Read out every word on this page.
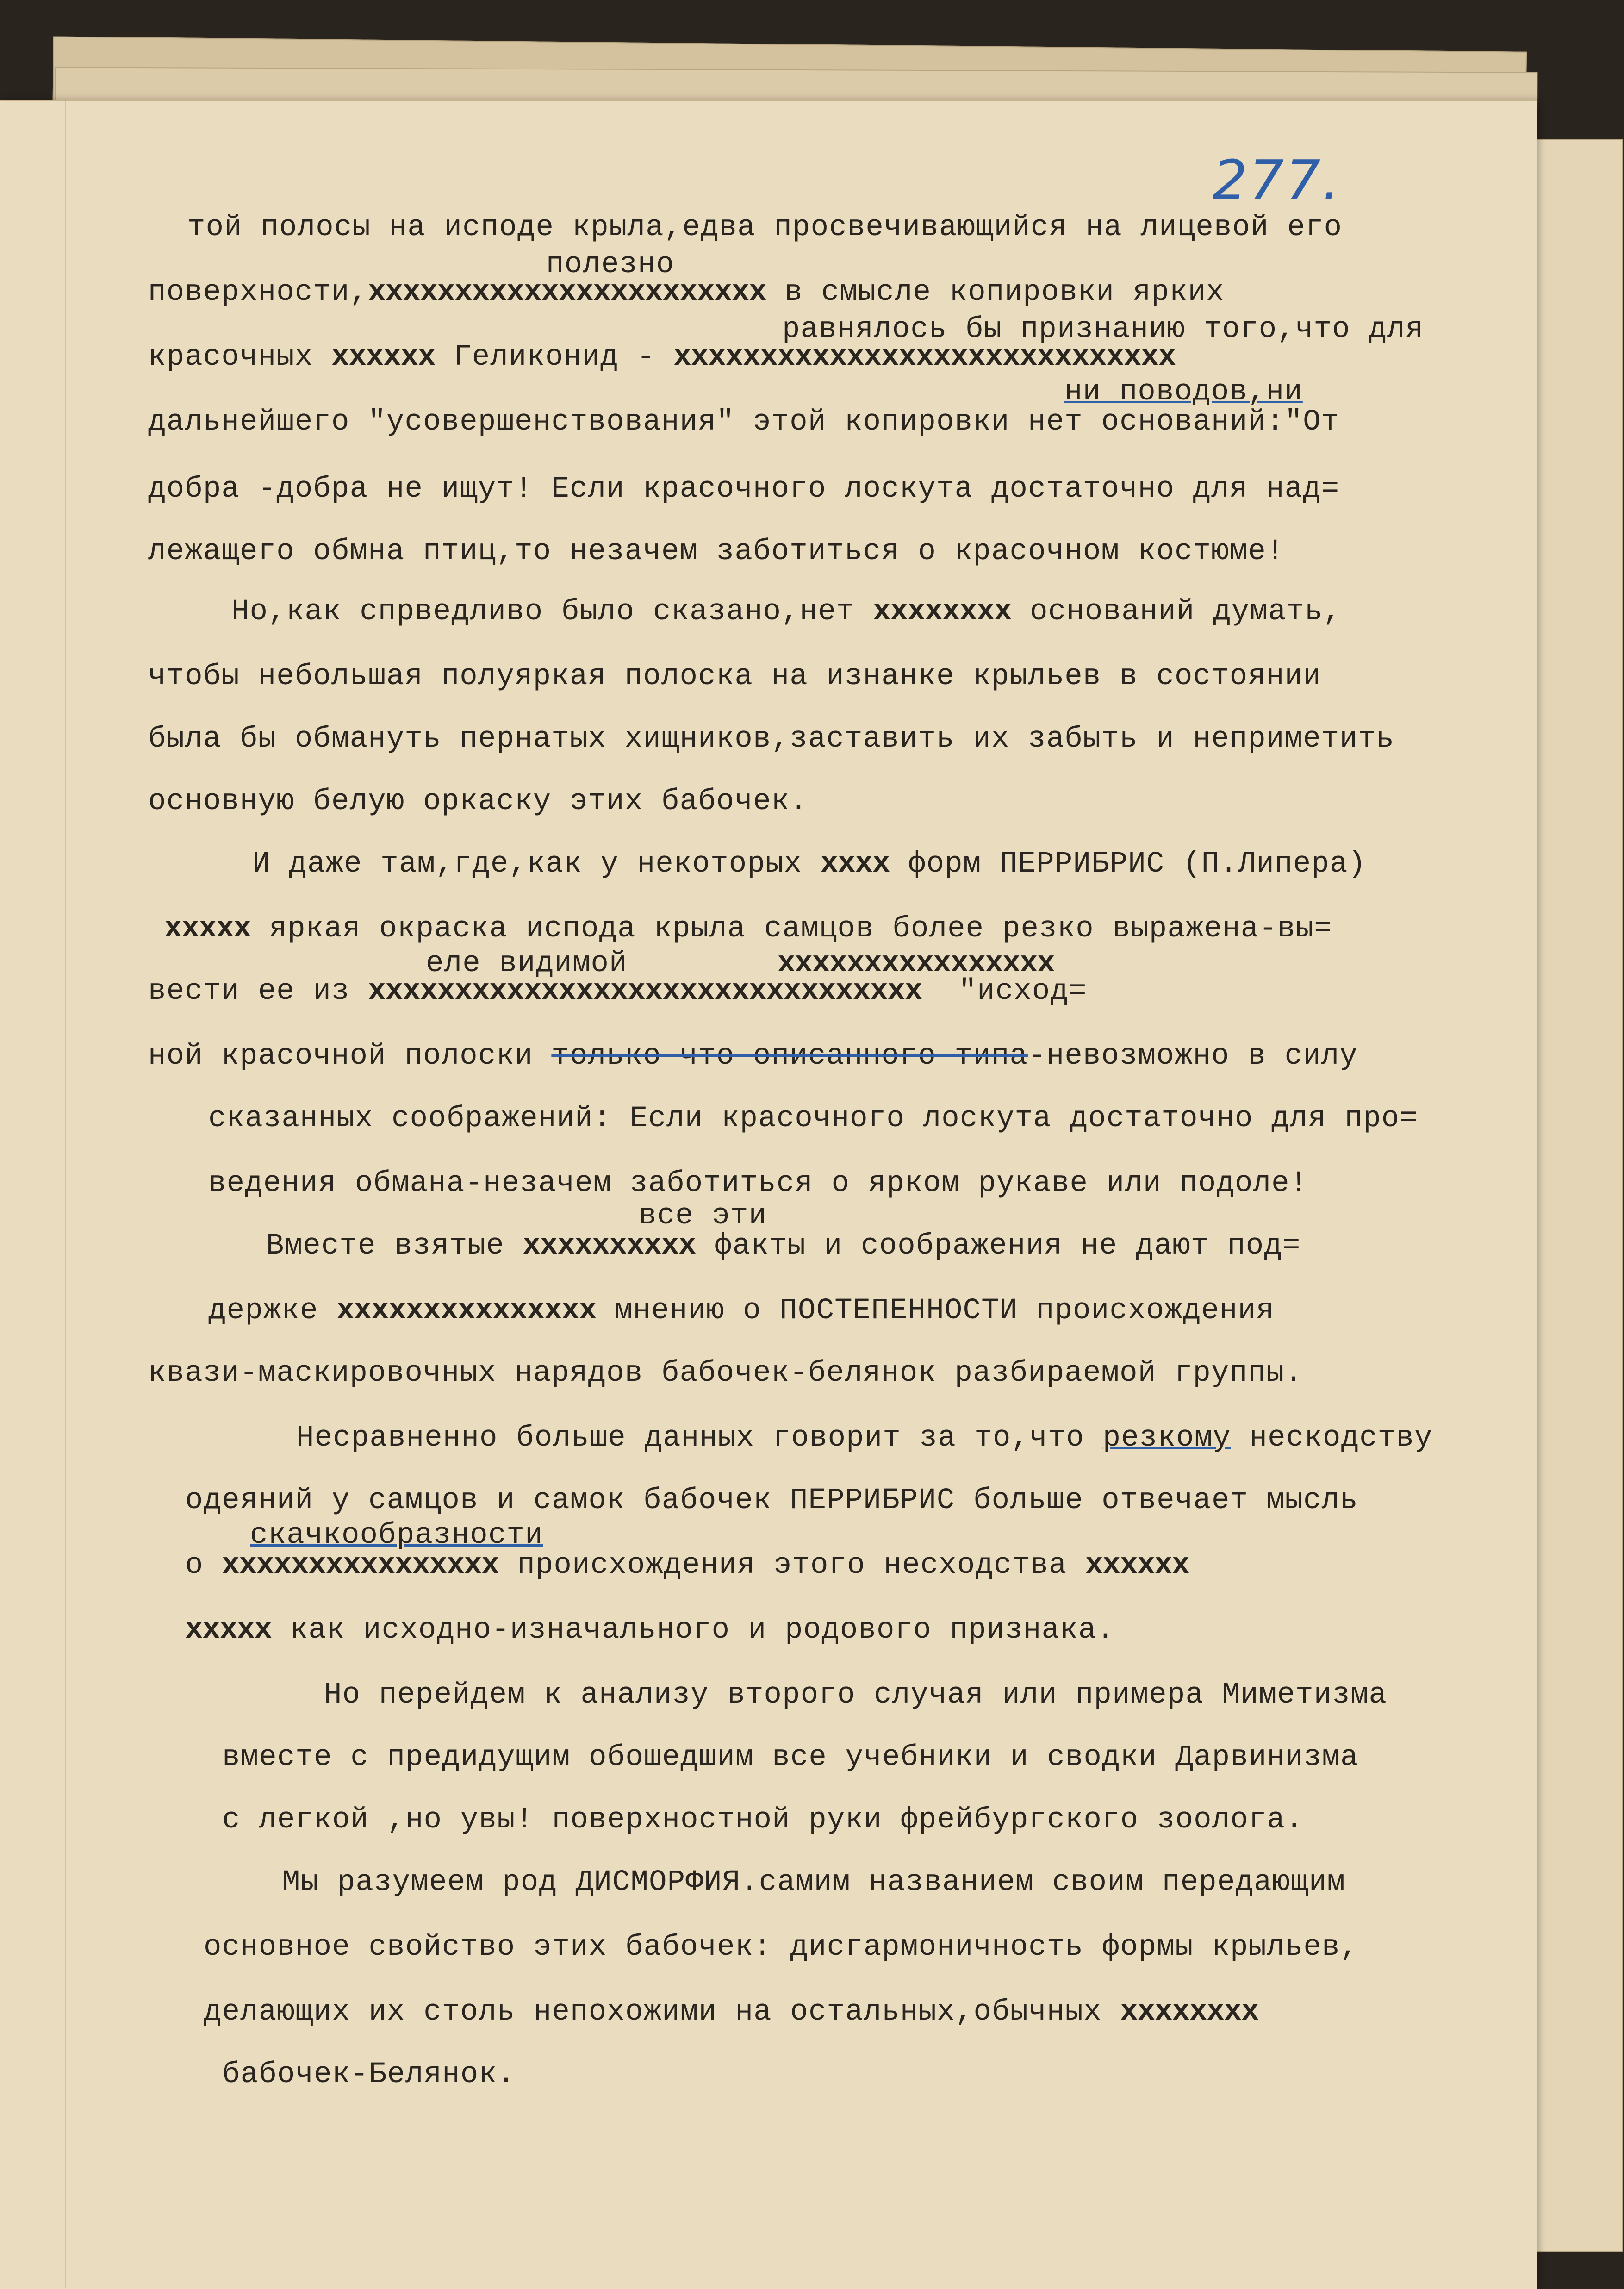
277.
той полосы на исподе крыла,едва просвечивающийся на лицевой его
полезно
поверхности,ххххххххххххххххххххххх в смысле копировки ярких
равнялось бы признанию того,что для
красочных хххххх Геликонид - ххххххххххххххххххххххххххххх
ни поводов,ни
дальнейшего "усовершенствования" этой копировки нет оснований:"От
добра -добра не ищут! Если красочного лоскута достаточно для над=
лежащего обмна птиц,то незачем заботиться о красочном костюме!
Но,как спрведливо было сказано,нет хххххххх оснований думать,
чтобы небольшая полуяркая полоска на изнанке крыльев в состоянии
была бы обмануть пернатых хищников,заставить их забыть и неприметить
основную белую оркаску этих бабочек.
И даже там,где,как у некоторых хххх форм ПЕРРИБРИС (П.Липера)
ххххх яркая окраска испода крыла самцов более резко выражена-вы=
еле видимой	хххххххххххххххх
вести ее из хххххххххххххххххххххххххххххххх  "исход=
ной красочной полоски только что описанного типа-невозможно в силу
сказанных соображений: Если красочного лоскута достаточно для про=
ведения обмана-незачем заботиться о ярком рукаве или подоле!
все эти
Вместе взятые хххххххххх факты и соображения не дают под=
держке ххххххххххххххх мнению о ПОСТЕПЕННОСТИ происхождения
квази-маскировочных нарядов бабочек-белянок разбираемой группы.
Несравненно больше данных говорит за то,что резкому нескодству
одеяний у самцов и самок бабочек ПЕРРИБРИС больше отвечает мысль
скачкообразности
о хххххххххххххххх происхождения этого несходства хххххх
ххххх как исходно-изначального и родового признака.
Но перейдем к анализу второго случая или примера Миметизма
вместе с предидущим обошедшим все учебники и сводки Дарвинизма
с легкой ,но увы! поверхностной руки фрейбургского зоолога.
Мы разумеем род ДИСМОРФИЯ.самим названием своим передающим
основное свойство этих бабочек: дисгармоничность формы крыльев,
делающих их столь непохожими на остальных,обычных хххххххх
бабочек-Белянок.
